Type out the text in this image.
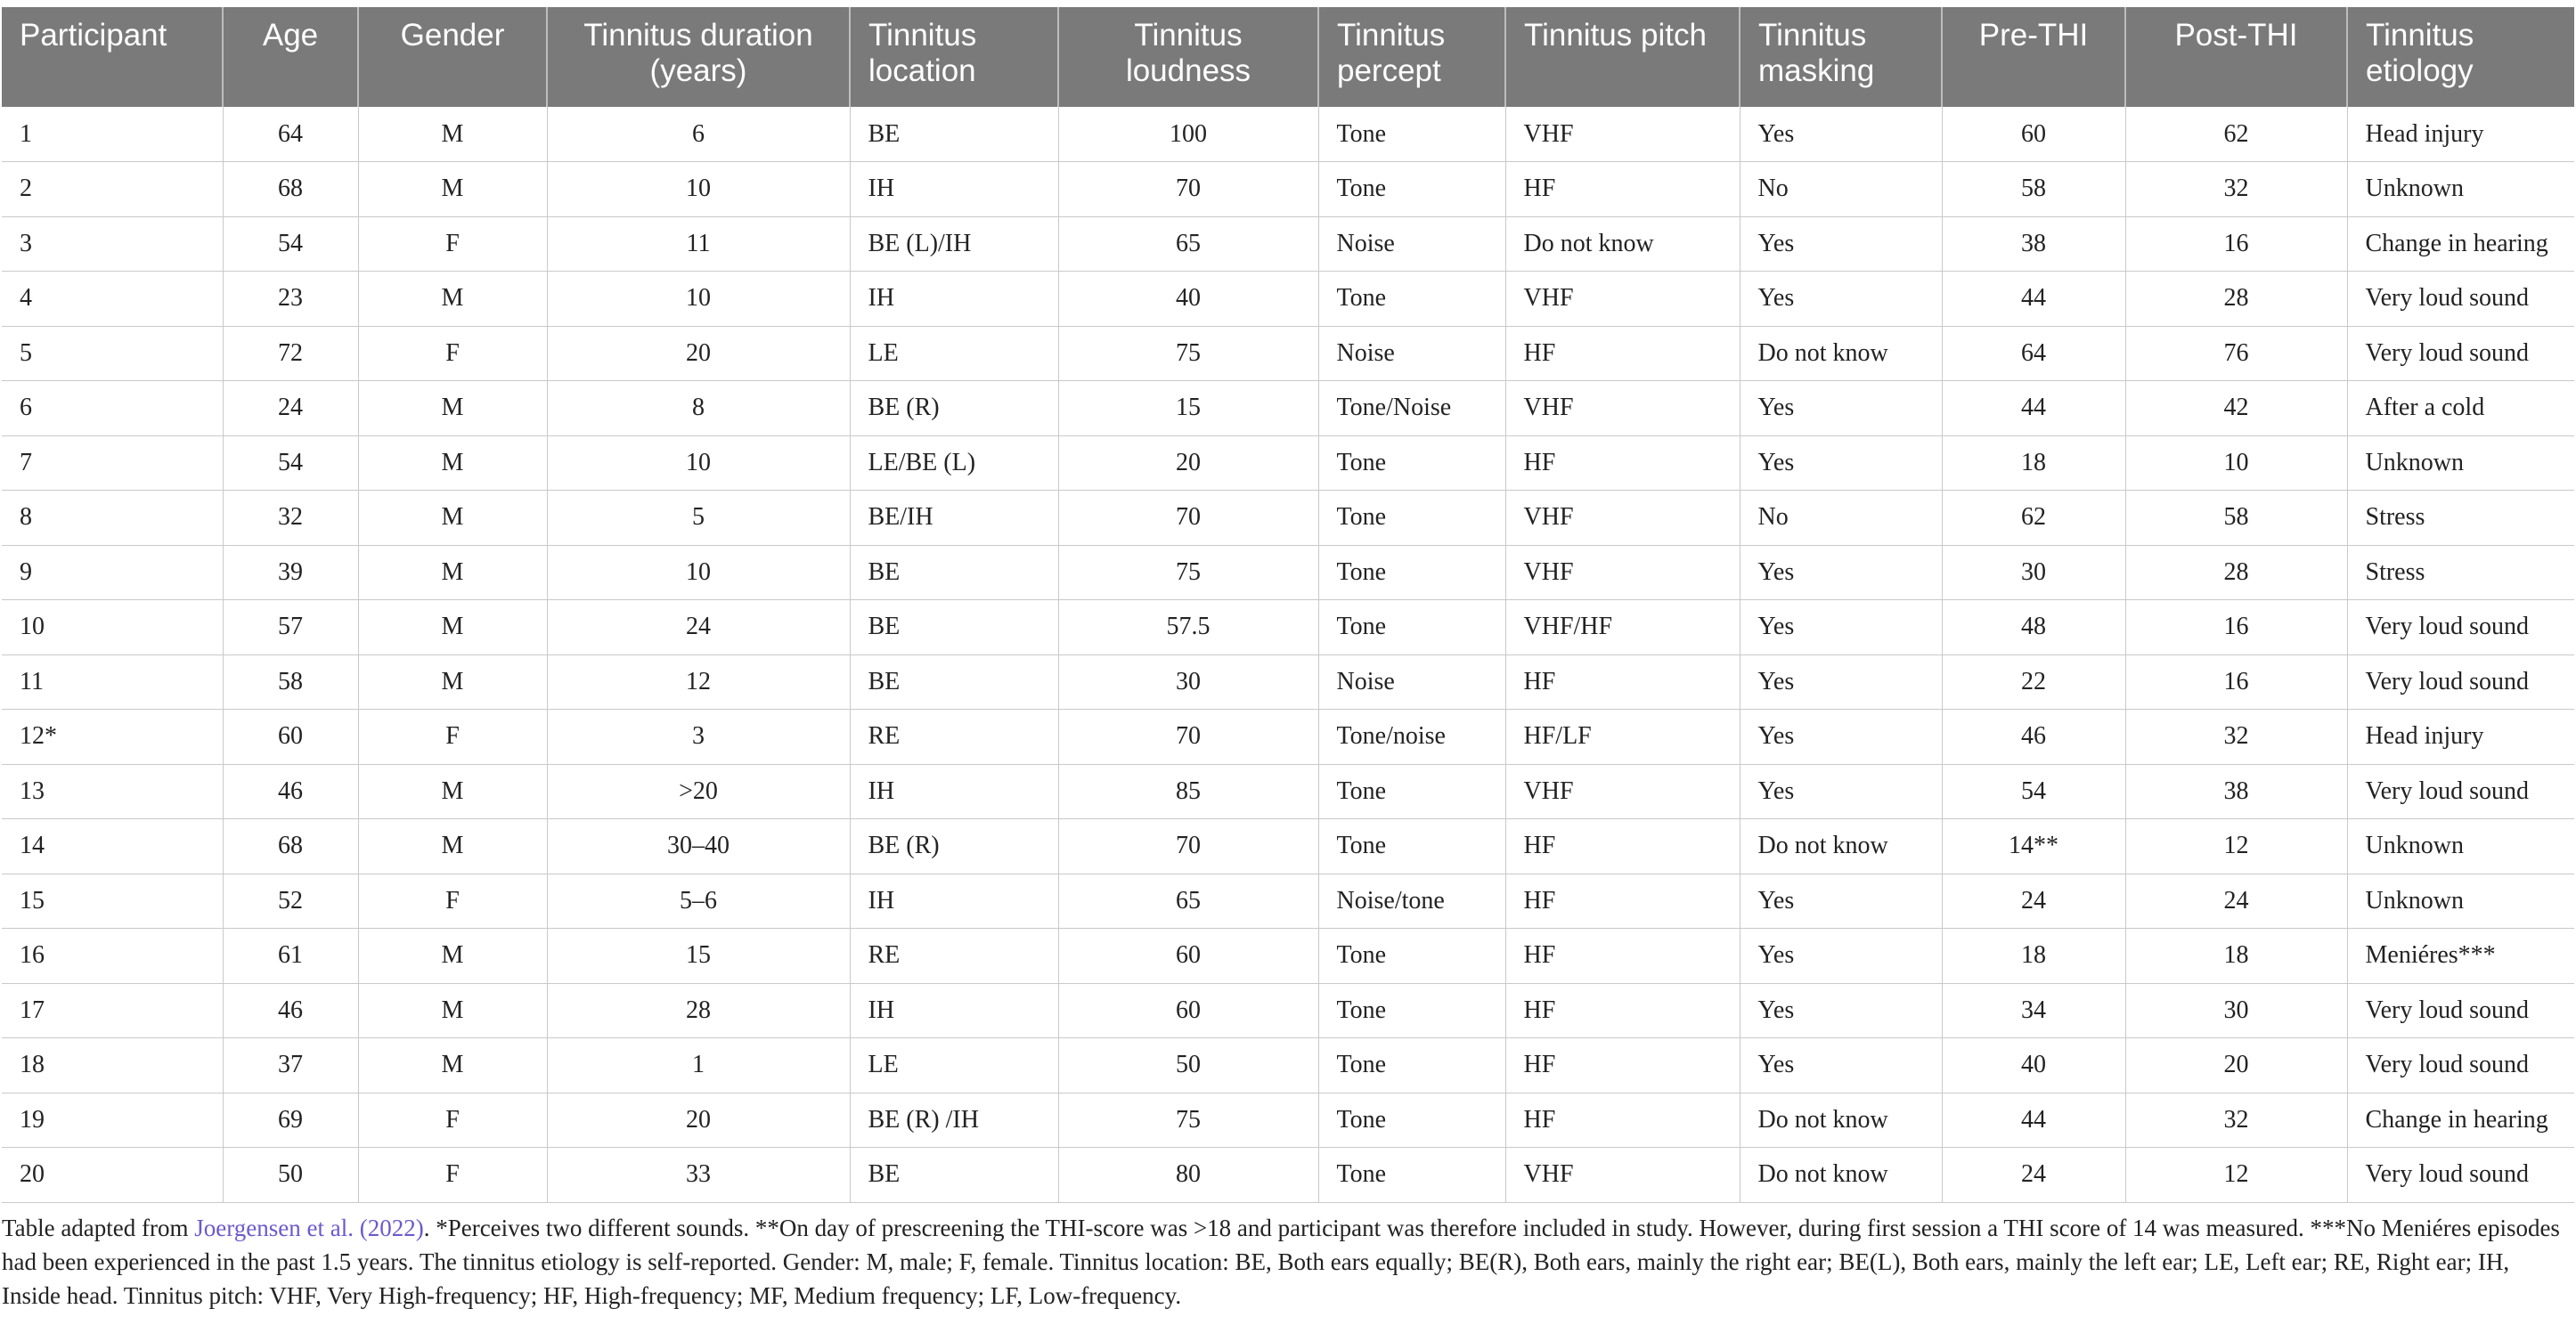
Participant	Age	Gender	Tinnitus duration (years)	Tinnitus location	Tinnitus loudness	Tinnitus percept	Tinnitus pitch	Tinnitus masking	Pre-THI	Post-THI	Tinnitus etiology
1	64	M	6	BE	100	Tone	VHF	Yes	60	62	Head injury
2	68	M	10	IH	70	Tone	HF	No	58	32	Unknown
3	54	F	11	BE (L)/IH	65	Noise	Do not know	Yes	38	16	Change in hearing
4	23	M	10	IH	40	Tone	VHF	Yes	44	28	Very loud sound
5	72	F	20	LE	75	Noise	HF	Do not know	64	76	Very loud sound
6	24	M	8	BE (R)	15	Tone/Noise	VHF	Yes	44	42	After a cold
7	54	M	10	LE/BE (L)	20	Tone	HF	Yes	18	10	Unknown
8	32	M	5	BE/IH	70	Tone	VHF	No	62	58	Stress
9	39	M	10	BE	75	Tone	VHF	Yes	30	28	Stress
10	57	M	24	BE	57.5	Tone	VHF/HF	Yes	48	16	Very loud sound
11	58	M	12	BE	30	Noise	HF	Yes	22	16	Very loud sound
12*	60	F	3	RE	70	Tone/noise	HF/LF	Yes	46	32	Head injury
13	46	M	>20	IH	85	Tone	VHF	Yes	54	38	Very loud sound
14	68	M	30–40	BE (R)	70	Tone	HF	Do not know	14**	12	Unknown
15	52	F	5–6	IH	65	Noise/tone	HF	Yes	24	24	Unknown
16	61	M	15	RE	60	Tone	HF	Yes	18	18	Meniéres***
17	46	M	28	IH	60	Tone	HF	Yes	34	30	Very loud sound
18	37	M	1	LE	50	Tone	HF	Yes	40	20	Very loud sound
19	69	F	20	BE (R) /IH	75	Tone	HF	Do not know	44	32	Change in hearing
20	50	F	33	BE	80	Tone	VHF	Do not know	24	12	Very loud sound
Table adapted from Joergensen et al. (2022). *Perceives two different sounds. **On day of prescreening the THI-score was >18 and participant was therefore included in study. However, during first session a THI score of 14 was measured. ***No Meniéres episodes had been experienced in the past 1.5 years. The tinnitus etiology is self-reported. Gender: M, male; F, female. Tinnitus location: BE, Both ears equally; BE(R), Both ears, mainly the right ear; BE(L), Both ears, mainly the left ear; LE, Left ear; RE, Right ear; IH, Inside head. Tinnitus pitch: VHF, Very High-frequency; HF, High-frequency; MF, Medium frequency; LF, Low-frequency.
